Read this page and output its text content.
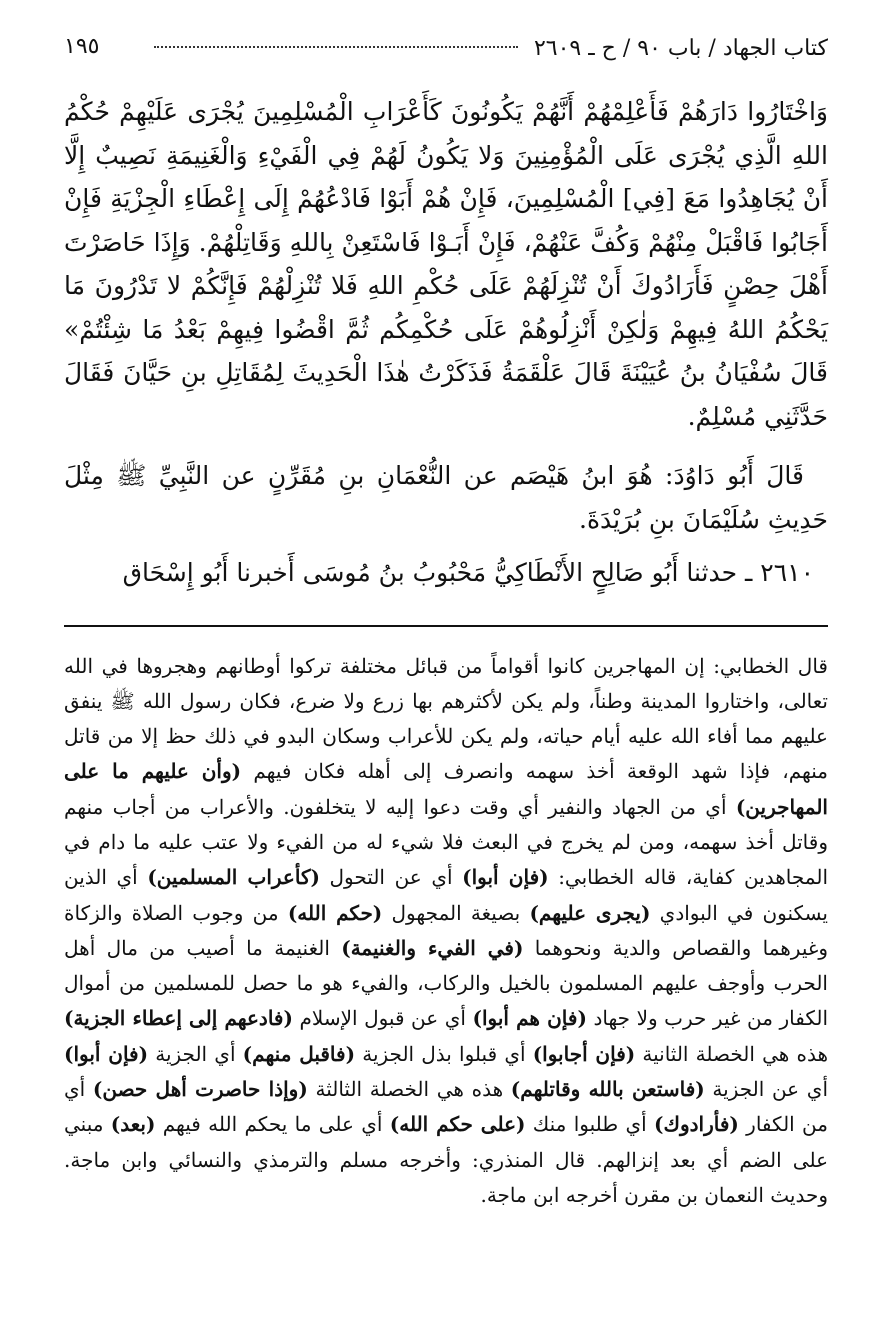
كتاب الجهاد / باب ٩٠ / ح ـ ٢٦٠٩
١٩٥

وَاخْتَارُوا دَارَهُمْ فَأَعْلِمْهُمْ أَنَّهُمْ يَكُونُونَ كَأَعْرَابِ الْمُسْلِمِينَ يُجْرَى عَلَيْهِمْ حُكْمُ اللهِ الَّذِي يُجْرَى عَلَى الْمُؤْمِنِينَ وَلا يَكُونُ لَهُمْ فِي الْفَيْءِ وَالْغَنِيمَةِ نَصِيبٌ إِلَّا أَنْ يُجَاهِدُوا مَعَ [فِي] الْمُسْلِمِينَ، فَإِنْ هُمْ أَبَوْا فَادْعُهُمْ إِلَى إِعْطَاءِ الْجِزْيَةِ فَإِنْ أَجَابُوا فَاقْبَلْ مِنْهُمْ وَكُفَّ عَنْهُمْ، فَإِنْ أَبَـوْا فَاسْتَعِنْ بِاللهِ وَقَاتِلْهُمْ. وَإِذَا حَاصَرْتَ أَهْلَ حِصْنٍ فَأَرَادُوكَ أَنْ تُنْزِلَهُمْ عَلَى حُكْمِ اللهِ فَلا تُنْزِلْهُمْ فَإِنَّكُمْ لا تَدْرُونَ مَا يَحْكُمُ اللهُ فِيهِمْ وَلٰكِنْ أَنْزِلُوهُمْ عَلَى حُكْمِكُم ثُمَّ اقْضُوا فِيهِمْ بَعْدُ مَا شِئْتُمْ» قَالَ سُفْيَانُ بنُ عُيَيْنَةَ قَالَ عَلْقَمَةُ فَذَكَرْتُ هٰذَا الْحَدِيثَ لِمُقَاتِلِ بنِ حَيَّانَ فَقَالَ حَدَّثَنِي مُسْلِمٌ.

قَالَ أَبُو دَاوُدَ: هُوَ ابنُ هَيْصَم عن النُّعْمَانِ بنِ مُقَرِّنٍ عن النَّبِيِّ ﷺ مِثْلَ حَدِيثِ سُلَيْمَانَ بنِ بُرَيْدَةَ.

٢٦١٠ ـ حدثنا أَبُو صَالِحٍ الأَنْطَاكِيُّ مَحْبُوبُ بنُ مُوسَى أَخبرنا أَبُو إِسْحَاق

قال الخطابي: إن المهاجرين كانوا أقواماً من قبائل مختلفة تركوا أوطانهم وهجروها في الله تعالى، واختاروا المدينة وطناً، ولم يكن لأكثرهم بها زرع ولا ضرع، فكان رسول الله ﷺ ينفق عليهم مما أفاء الله عليه أيام حياته، ولم يكن للأعراب وسكان البدو في ذلك حظ إلا من قاتل منهم، فإذا شهد الوقعة أخذ سهمه وانصرف إلى أهله فكان فيهم (وأن عليهم ما على المهاجرين) أي من الجهاد والنفير أي وقت دعوا إليه لا يتخلفون. والأعراب من أجاب منهم وقاتل أخذ سهمه، ومن لم يخرج في البعث فلا شيء له من الفيء ولا عتب عليه ما دام في المجاهدين كفاية، قاله الخطابي: (فإن أبوا) أي عن التحول (كأعراب المسلمين) أي الذين يسكنون في البوادي (يجرى عليهم) بصيغة المجهول (حكم الله) من وجوب الصلاة والزكاة وغيرهما والقصاص والدية ونحوهما (في الفيء والغنيمة) الغنيمة ما أصيب من مال أهل الحرب وأوجف عليهم المسلمون بالخيل والركاب، والفيء هو ما حصل للمسلمين من أموال الكفار من غير حرب ولا جهاد (فإن هم أبوا) أي عن قبول الإسلام (فادعهم إلى إعطاء الجزية) هذه هي الخصلة الثانية (فإن أجابوا) أي قبلوا بذل الجزية (فاقبل منهم) أي الجزية (فإن أبوا) أي عن الجزية (فاستعن بالله وقاتلهم) هذه هي الخصلة الثالثة (وإذا حاصرت أهل حصن) أي من الكفار (فأرادوك) أي طلبوا منك (على حكم الله) أي على ما يحكم الله فيهم (بعد) مبني على الضم أي بعد إنزالهم. قال المنذري: وأخرجه مسلم والترمذي والنسائي وابن ماجة. وحديث النعمان بن مقرن أخرجه ابن ماجة.
